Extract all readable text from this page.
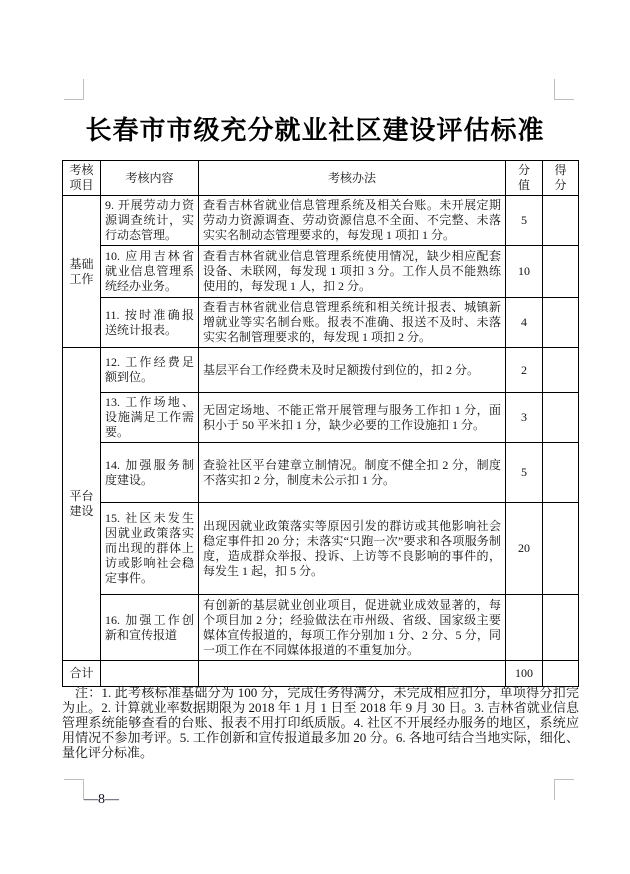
长春市市级充分就业社区建设评估标准
考核项目	考核内容	考核办法	分值	得分

基础工作	9. 开展劳动力资源调查统计，实行动态管理。	查看吉林省就业信息管理系统及相关台账。未开展定期劳动力资源调查、劳动资源信息不全面、不完整、未落实实名制动态管理要求的，每发现 1 项扣 1 分。	5	
	10. 应用吉林省就业信息管理系统经办业务。	查看吉林省就业信息管理系统使用情况，缺少相应配套设备、未联网，每发现 1 项扣 3 分。工作人员不能熟练使用的，每发现 1 人，扣 2 分。	10	
	11. 按时准确报送统计报表。	查看吉林省就业信息管理系统和相关统计报表、城镇新增就业等实名制台账。报表不准确、报送不及时、未落实实名制管理要求的，每发现 1 项扣 2 分。	4	

平台建设	12. 工作经费足额到位。	基层平台工作经费未及时足额拨付到位的，扣 2 分。	2	
	13. 工作场地、设施满足工作需要。	无固定场地、不能正常开展管理与服务工作扣 1 分，面积小于 50 平米扣 1 分，缺少必要的工作设施扣 1 分。	3	
	14. 加强服务制度建设。	查验社区平台建章立制情况。制度不健全扣 2 分，制度不落实扣 2 分，制度未公示扣 1 分。	5	
	15. 社区未发生因就业政策落实而出现的群体上访或影响社会稳定事件。	出现因就业政策落实等原因引发的群访或其他影响社会稳定事件扣 20 分；未落实“只跑一次”要求和各项服务制度，造成群众举报、投诉、上访等不良影响的事件的，每发生 1 起，扣 5 分。	20	
	16. 加强工作创新和宣传报道	有创新的基层就业创业项目，促进就业成效显著的，每个项目加 2 分；经验做法在市州级、省级、国家级主要媒体宣传报道的，每项工作分别加 1 分、2 分、5 分，同一项工作在不同媒体报道的不重复加分。		
合计			100	

注：1. 此考核标准基础分为 100 分，完成任务得满分，未完成相应扣分，单项得分扣完为止。2. 计算就业率数据期限为 2018 年 1 月 1 日至 2018 年 9 月 30 日。3. 吉林省就业信息管理系统能够查看的台账、报表不用打印纸质版。4. 社区不开展经办服务的地区，系统应用情况不参加考评。5. 工作创新和宣传报道最多加 20 分。6. 各地可结合当地实际，细化、量化评分标准。

—8—
